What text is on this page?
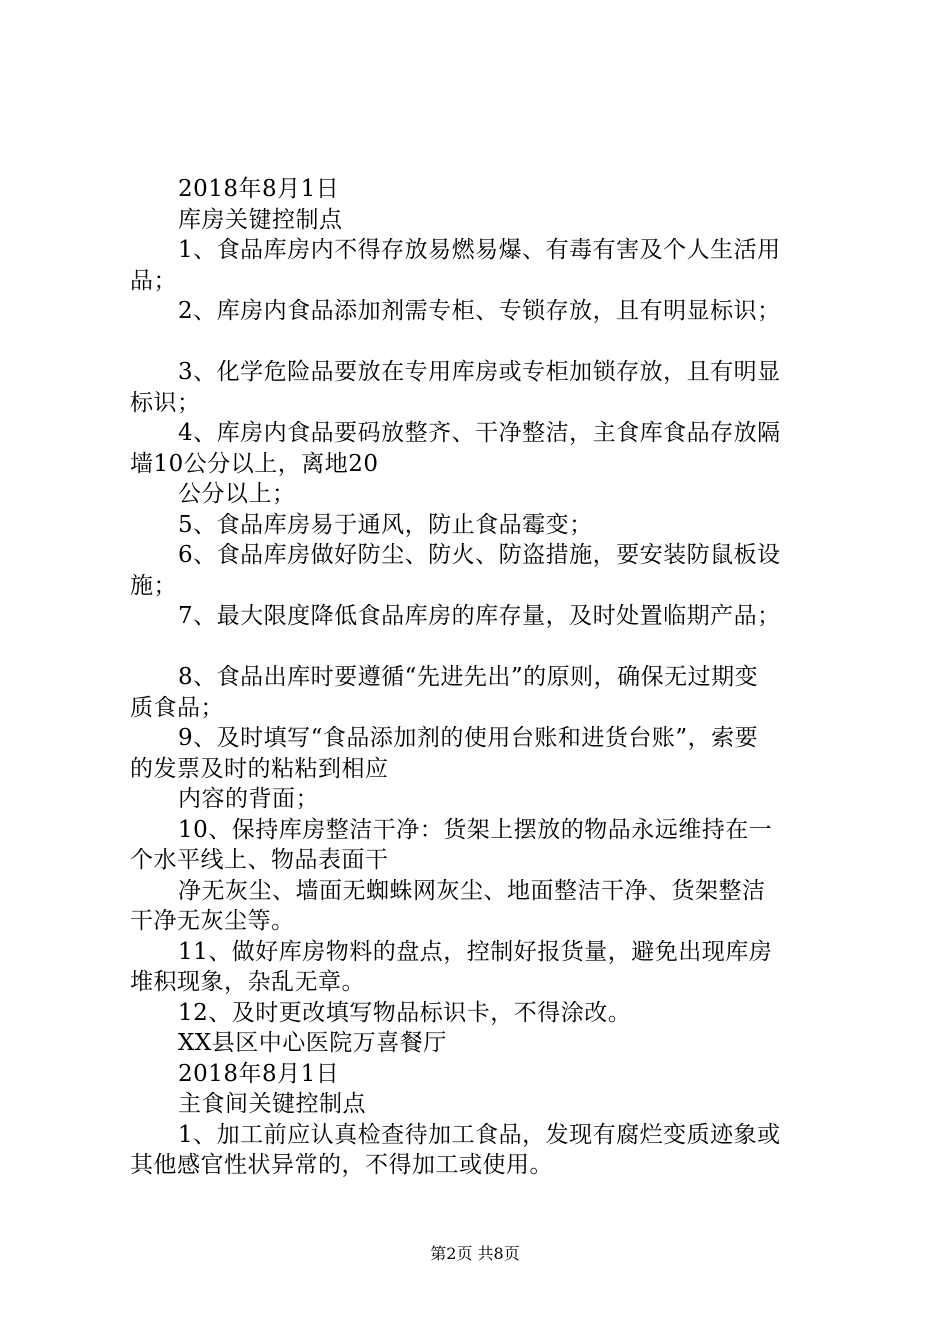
2018年8月1日
库房关键控制点
1、食品库房内不得存放易燃易爆、有毒有害及个人生活用
品；
2、库房内食品添加剂需专柜、专锁存放，且有明显标识；
3、化学危险品要放在专用库房或专柜加锁存放，且有明显
标识；
4、库房内食品要码放整齐、干净整洁，主食库食品存放隔
墙10公分以上，离地20
公分以上；
5、食品库房易于通风，防止食品霉变；
6、食品库房做好防尘、防火、防盗措施，要安装防鼠板设
施；
7、最大限度降低食品库房的库存量，及时处置临期产品；
8、食品出库时要遵循“先进先出”的原则，确保无过期变
质食品；
9、及时填写“食品添加剂的使用台账和进货台账”，索要
的发票及时的粘粘到相应
内容的背面；
10、保持库房整洁干净：货架上摆放的物品永远维持在一
个水平线上、物品表面干
净无灰尘、墙面无蜘蛛网灰尘、地面整洁干净、货架整洁
干净无灰尘等。
11、做好库房物料的盘点，控制好报货量，避免出现库房
堆积现象，杂乱无章。
12、及时更改填写物品标识卡，不得涂改。
XX县区中心医院万喜餐厅
2018年8月1日
主食间关键控制点
1、加工前应认真检查待加工食品，发现有腐烂变质迹象或
其他感官性状异常的，不得加工或使用。
第2页 共8页
